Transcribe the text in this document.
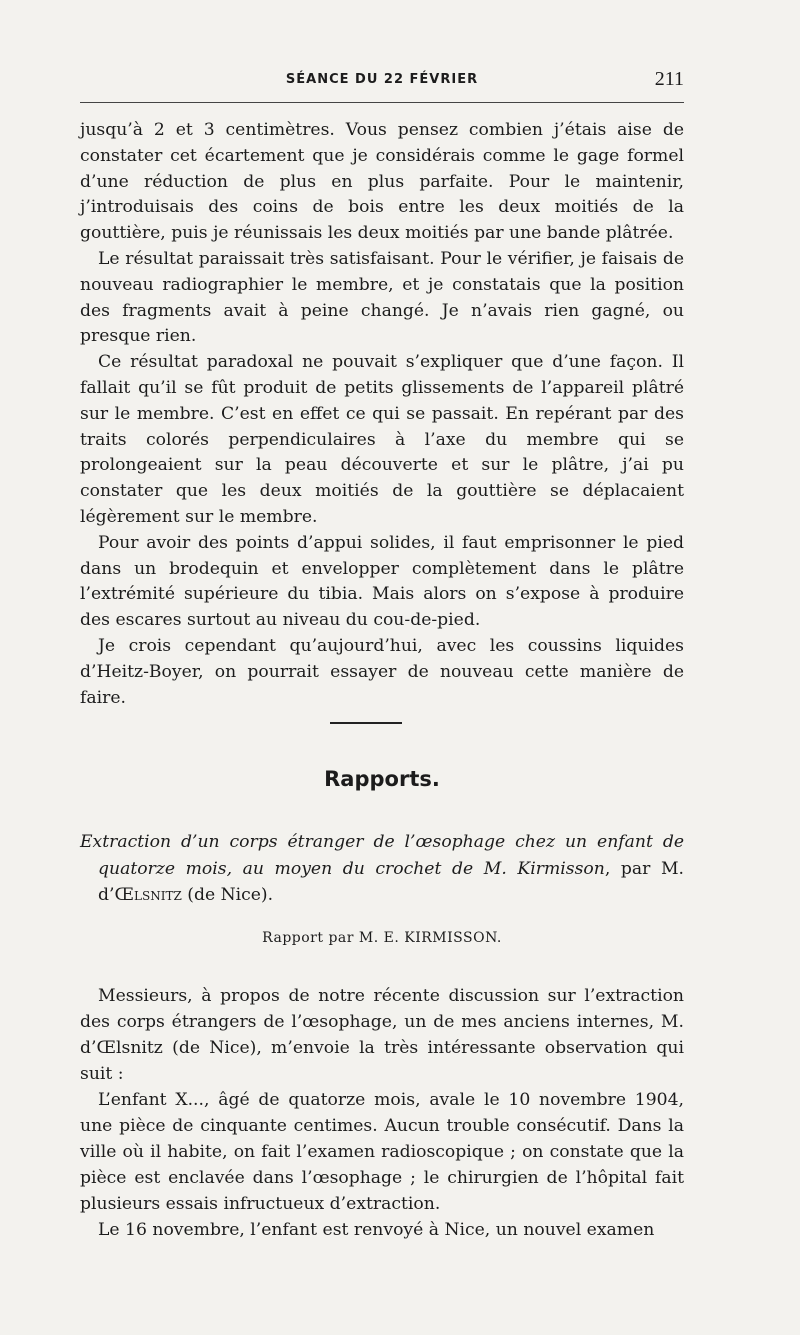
SÉANCE DU 22 FÉVRIER	211

jusqu’à 2 et 3 centimètres. Vous pensez combien j’étais aise de constater cet écartement que je considérais comme le gage formel d’une réduction de plus en plus parfaite. Pour le maintenir, j’introduisais des coins de bois entre les deux moitiés de la gouttière, puis je réunissais les deux moitiés par une bande plâtrée.

Le résultat paraissait très satisfaisant. Pour le vérifier, je faisais de nouveau radiographier le membre, et je constatais que la position des fragments avait à peine changé. Je n’avais rien gagné, ou presque rien.

Ce résultat paradoxal ne pouvait s’expliquer que d’une façon. Il fallait qu’il se fût produit de petits glissements de l’appareil plâtré sur le membre. C’est en effet ce qui se passait. En repérant par des traits colorés perpendiculaires à l’axe du membre qui se prolongeaient sur la peau découverte et sur le plâtre, j’ai pu constater que les deux moitiés de la gouttière se déplacaient légèrement sur le membre.

Pour avoir des points d’appui solides, il faut emprisonner le pied dans un brodequin et envelopper complètement dans le plâtre l’extrémité supérieure du tibia. Mais alors on s’expose à produire des escares surtout au niveau du cou-de-pied.

Je crois cependant qu’aujourd’hui, avec les coussins liquides d’Heitz-Boyer, on pourrait essayer de nouveau cette manière de faire.

Rapports.

Extraction d’un corps étranger de l’œsophage chez un enfant de quatorze mois, au moyen du crochet de M. Kirmisson, par M. d’Œlsnitz (de Nice).

Rapport par M. E. KIRMISSON.

Messieurs, à propos de notre récente discussion sur l’extraction des corps étrangers de l’œsophage, un de mes anciens internes, M. d’Œlsnitz (de Nice), m’envoie la très intéressante observation qui suit :

L’enfant X..., âgé de quatorze mois, avale le 10 novembre 1904, une pièce de cinquante centimes. Aucun trouble consécutif. Dans la ville où il habite, on fait l’examen radioscopique ; on constate que la pièce est enclavée dans l’œsophage ; le chirurgien de l’hôpital fait plusieurs essais infructueux d’extraction.

Le 16 novembre, l’enfant est renvoyé à Nice, un nouvel examen
